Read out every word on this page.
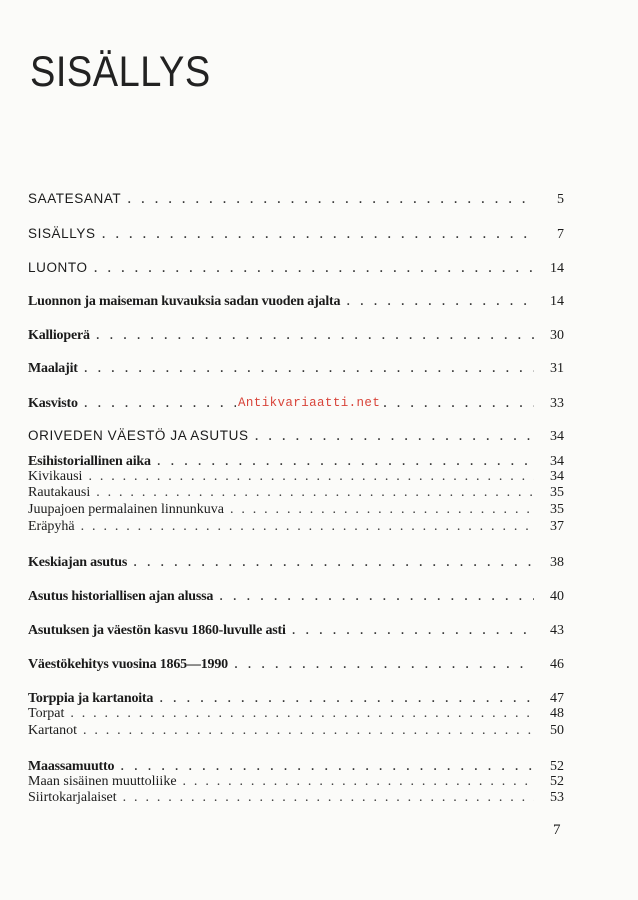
SISÄLLYS
SAATESANAT . . .	5
SISÄLLYS . . .	7
LUONTO . . .	14
Luonnon ja maiseman kuvauksia sadan vuoden ajalta . . .	14
Kallioperä . . .	30
Maalajit . . .	31
Kasvisto . . .	33
ORIVEDEN VÄESTÖ JA ASUTUS . . .	34
Esihistoriallinen aika . . .	34
Kivikausi . . .	34
Rautakausi . . .	35
Juupajoen permalainen linnunkuva . . .	35
Eräpyhä . . .	37
Keskiajan asutus . . .	38
Asutus historiallisen ajan alussa . . .	40
Asutuksen ja väestön kasvu 1860-luvulle asti . . .	43
Väestökehitys vuosina 1865—1990 . . .	46
Torppia ja kartanoita . . .	47
Torpat . . .	48
Kartanot . . .	50
Maassamuutto . . .	52
Maan sisäinen muuttoliike . . .	52
Siirtokarjalaiset . . .	53
Antikvariaatti.net
7
